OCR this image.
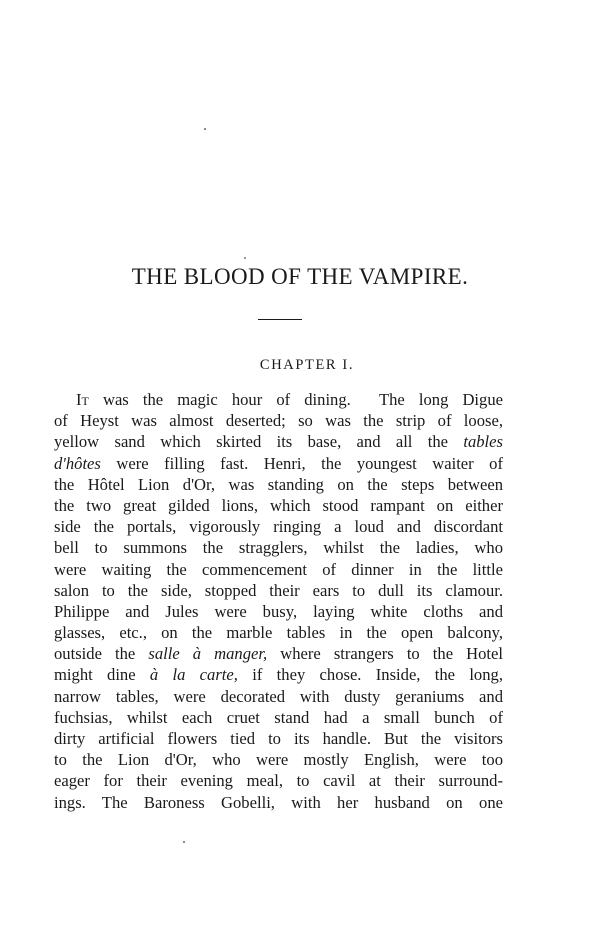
THE BLOOD OF THE VAMPIRE.
CHAPTER I.
It was the magic hour of dining. The long Digue
of Heyst was almost deserted; so was the strip of loose,
yellow sand which skirted its base, and all the tables
d'hôtes were filling fast. Henri, the youngest waiter of
the Hôtel Lion d'Or, was standing on the steps between
the two great gilded lions, which stood rampant on either
side the portals, vigorously ringing a loud and discordant
bell to summons the stragglers, whilst the ladies, who
were waiting the commencement of dinner in the little
salon to the side, stopped their ears to dull its clamour.
Philippe and Jules were busy, laying white cloths and
glasses, etc., on the marble tables in the open balcony,
outside the salle à manger, where strangers to the Hotel
might dine à la carte, if they chose. Inside, the long,
narrow tables, were decorated with dusty geraniums and
fuchsias, whilst each cruet stand had a small bunch of
dirty artificial flowers tied to its handle. But the visitors
to the Lion d'Or, who were mostly English, were too
eager for their evening meal, to cavil at their surround-
ings. The Baroness Gobelli, with her husband on one
